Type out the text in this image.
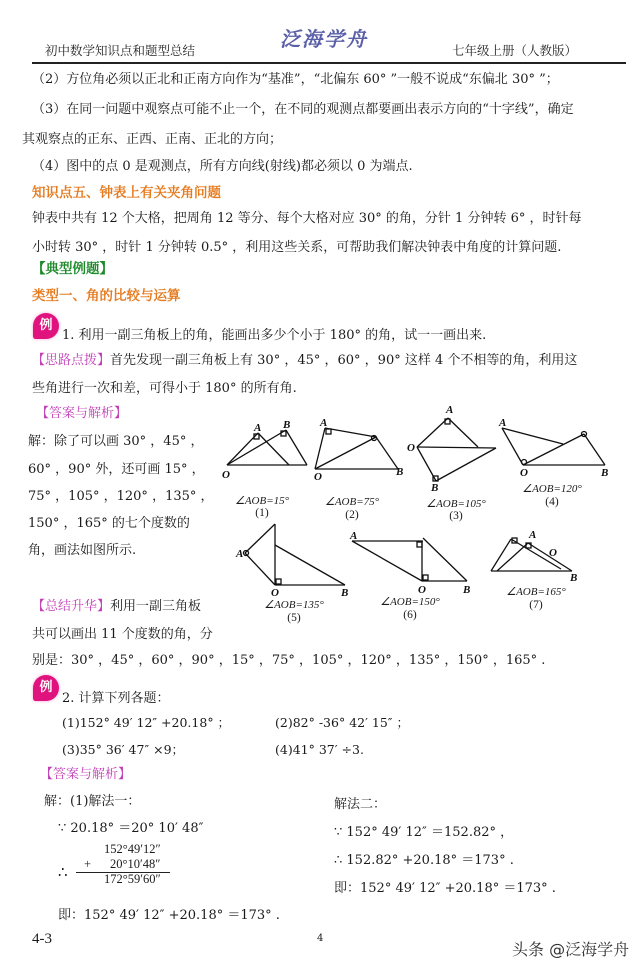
初中数学知识点和题型总结	泛海学舟	七年级上册（人教版）
（2）方位角必须以正北和正南方向作为“基准”，“北偏东 60° ”一般不说成“东偏北 30° ”；
（3）在同一问题中观察点可能不止一个，在不同的观测点都要画出表示方向的“十字线”，确定
其观察点的正东、正西、正南、正北的方向；
（4）图中的点 0 是观测点，所有方向线(射线)都必须以 0 为端点.
知识点五、钟表上有关夹角问题
钟表中共有 12 个大格，把周角 12 等分、每个大格对应 30° 的角，分针 1 分钟转 6° ，时针每
小时转 30° ，时针 1 分钟转 0.5° ，利用这些关系，可帮助我们解决钟表中角度的计算问题.
【典型例题】
类型一、角的比较与运算
例
1. 利用一副三角板上的角，能画出多少个小于 180° 的角，试一一画出来.
【思路点拨】首先发现一副三角板上有 30° ，45° ，60° ，90° 这样 4 个不相等的角，利用这
些角进行一次和差，可得小于 180° 的所有角.
【答案与解析】
解：除了可以画 30° ，45° ，
60° ，90° 外，还可画 15° ，
75° ，105° ，120° ，135° ，
150° ，165° 的七个度数的
角，画法如图所示.
A B
O
A
O	B
A
O
B
A
O	B
A
O	B
A
O	B
A
O
B
∠AOB=15°
(1)
∠AOB=75°
(2)
∠AOB=105°
(3)
∠AOB=120°
(4)
∠AOB=135°
(5)
∠AOB=150°
(6)
∠AOB=165°
(7)
【总结升华】利用一副三角板
共可以画出 11 个度数的角，分
别是：30° ，45° ，60° ，90° ，15° ，75° ，105° ，120° ，135° ，150° ，165° .
例
2. 计算下列各题：
(1)152° 49′ 12″ +20.18° ；	(2)82° -36° 42′ 15″ ；
(3)35° 36′ 47″ ×9；	(4)41° 37′ ÷3.
【答案与解析】
解：(1)解法一：
∵ 20.18° ＝20° 10′ 48″
152°49′12″
+ 20°10′48″
∴	172°59′60″
即：152° 49′ 12″ +20.18° ＝173° .
解法二：
∵ 152° 49′ 12″ ＝152.82° ，
∴ 152.82° +20.18° ＝173° .
即：152° 49′ 12″ +20.18° ＝173° .
4-3	4
头条 @泛海学舟
